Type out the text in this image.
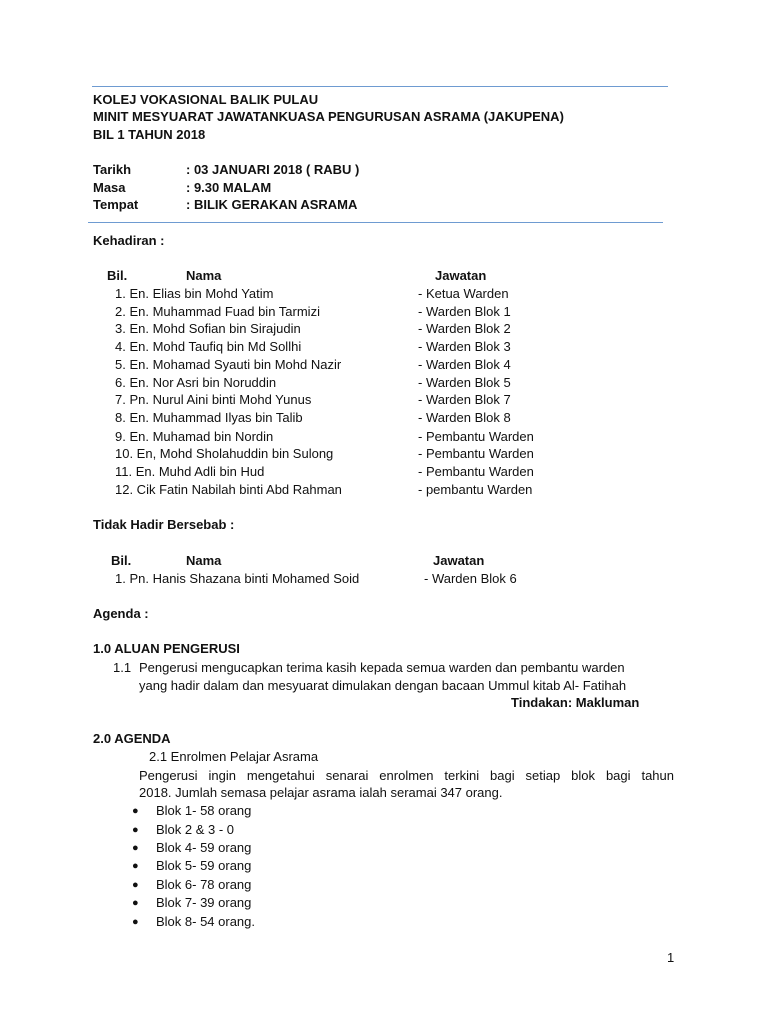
KOLEJ VOKASIONAL BALIK PULAU
MINIT MESYUARAT JAWATANKUASA PENGURUSAN ASRAMA (JAKUPENA)
BIL 1 TAHUN 2018
Tarikh	: 03 JANUARI 2018 ( RABU )
Masa	: 9.30 MALAM
Tempat	: BILIK GERAKAN ASRAMA
Kehadiran :
Bil.	Nama	Jawatan
1. En. Elias bin Mohd Yatim	- Ketua Warden
2. En. Muhammad Fuad bin Tarmizi	- Warden Blok 1
3. En. Mohd Sofian bin Sirajudin	- Warden Blok 2
4. En. Mohd Taufiq bin Md Sollhi	- Warden Blok 3
5. En. Mohamad Syauti bin Mohd Nazir	- Warden Blok 4
6. En. Nor Asri bin Noruddin	- Warden Blok 5
7. Pn. Nurul Aini binti Mohd Yunus	- Warden Blok 7
8. En. Muhammad Ilyas bin Talib	- Warden Blok 8
9. En. Muhamad bin Nordin	- Pembantu Warden
10. En, Mohd Sholahuddin bin Sulong	- Pembantu Warden
11. En. Muhd Adli bin Hud	- Pembantu Warden
12. Cik Fatin Nabilah binti Abd Rahman	- pembantu Warden
Tidak Hadir Bersebab :
Bil.	Nama	Jawatan
1. Pn. Hanis Shazana binti Mohamed Soid	- Warden Blok 6
Agenda :
1.0 ALUAN PENGERUSI
1.1 Pengerusi mengucapkan terima kasih kepada semua warden dan pembantu warden
yang hadir dalam dan mesyuarat dimulakan dengan bacaan Ummul kitab Al- Fatihah
Tindakan: Makluman
2.0 AGENDA
2.1 Enrolmen Pelajar Asrama
Pengerusi ingin mengetahui senarai enrolmen terkini bagi setiap blok bagi tahun
2018. Jumlah semasa pelajar asrama ialah seramai 347 orang.
● Blok 1- 58 orang
● Blok 2 & 3 - 0
● Blok 4- 59 orang
● Blok 5- 59 orang
● Blok 6- 78 orang
● Blok 7- 39 orang
● Blok 8- 54 orang.
1
